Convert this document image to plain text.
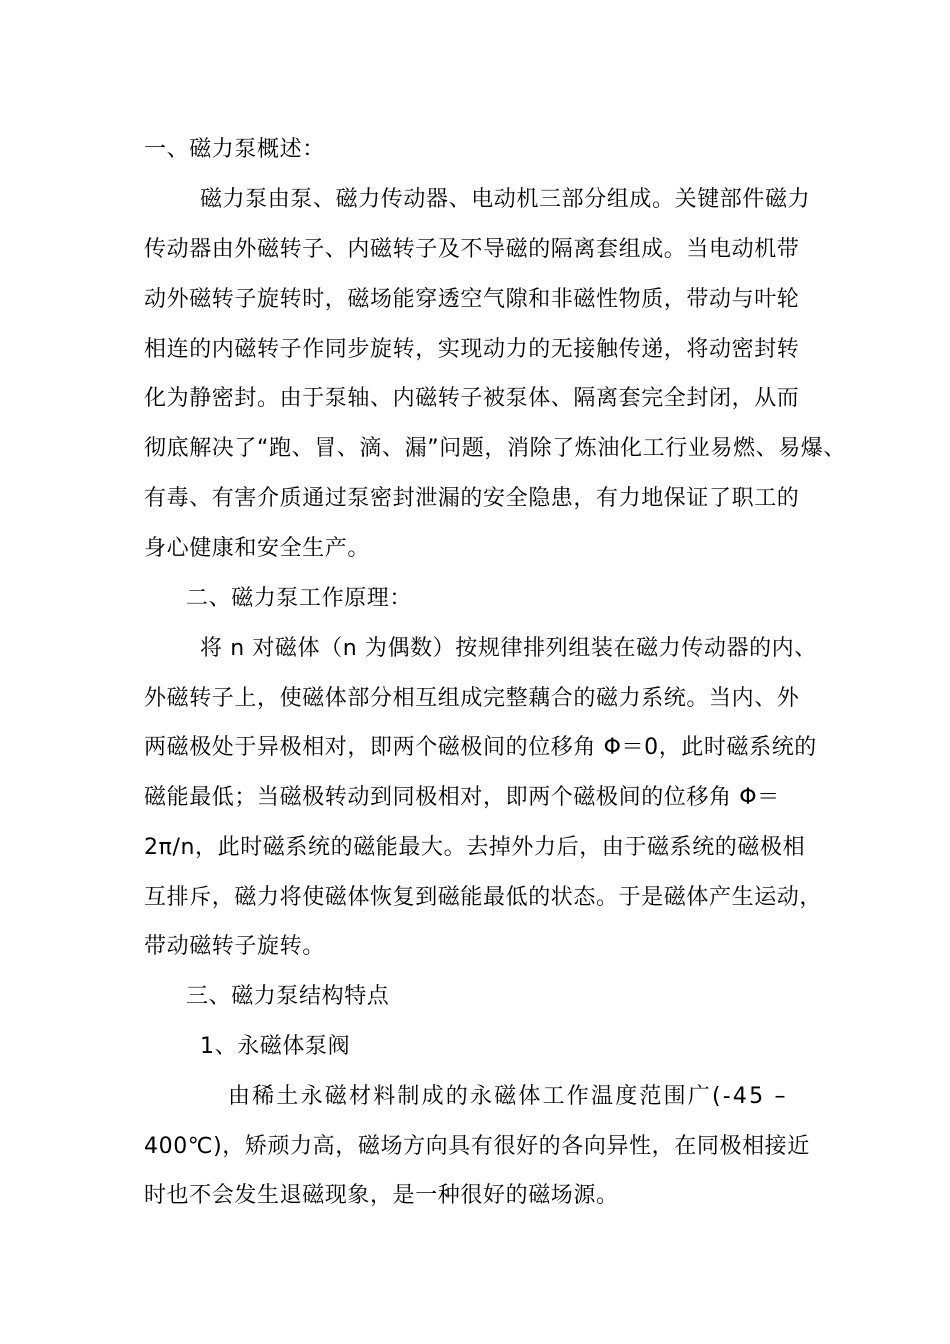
一、磁力泵概述：
磁力泵由泵、磁力传动器、电动机三部分组成。关键部件磁力
传动器由外磁转子、内磁转子及不导磁的隔离套组成。当电动机带
动外磁转子旋转时，磁场能穿透空气隙和非磁性物质，带动与叶轮
相连的内磁转子作同步旋转，实现动力的无接触传递，将动密封转
化为静密封。由于泵轴、内磁转子被泵体、隔离套完全封闭，从而
彻底解决了“跑、冒、滴、漏”问题，消除了炼油化工行业易燃、易爆、
有毒、有害介质通过泵密封泄漏的安全隐患，有力地保证了职工的
身心健康和安全生产。
二、磁力泵工作原理：
将 n 对磁体（n 为偶数）按规律排列组装在磁力传动器的内、
外磁转子上，使磁体部分相互组成完整藕合的磁力系统。当内、外
两磁极处于异极相对，即两个磁极间的位移角 Φ＝0，此时磁系统的
磁能最低；当磁极转动到同极相对，即两个磁极间的位移角 Φ＝
2π/n，此时磁系统的磁能最大。去掉外力后，由于磁系统的磁极相
互排斥，磁力将使磁体恢复到磁能最低的状态。于是磁体产生运动，
带动磁转子旋转。
三、磁力泵结构特点
1、永磁体泵阀
由稀土永磁材料制成的永磁体工作温度范围广(-45 –
400℃)，矫顽力高，磁场方向具有很好的各向异性，在同极相接近
时也不会发生退磁现象，是一种很好的磁场源。
